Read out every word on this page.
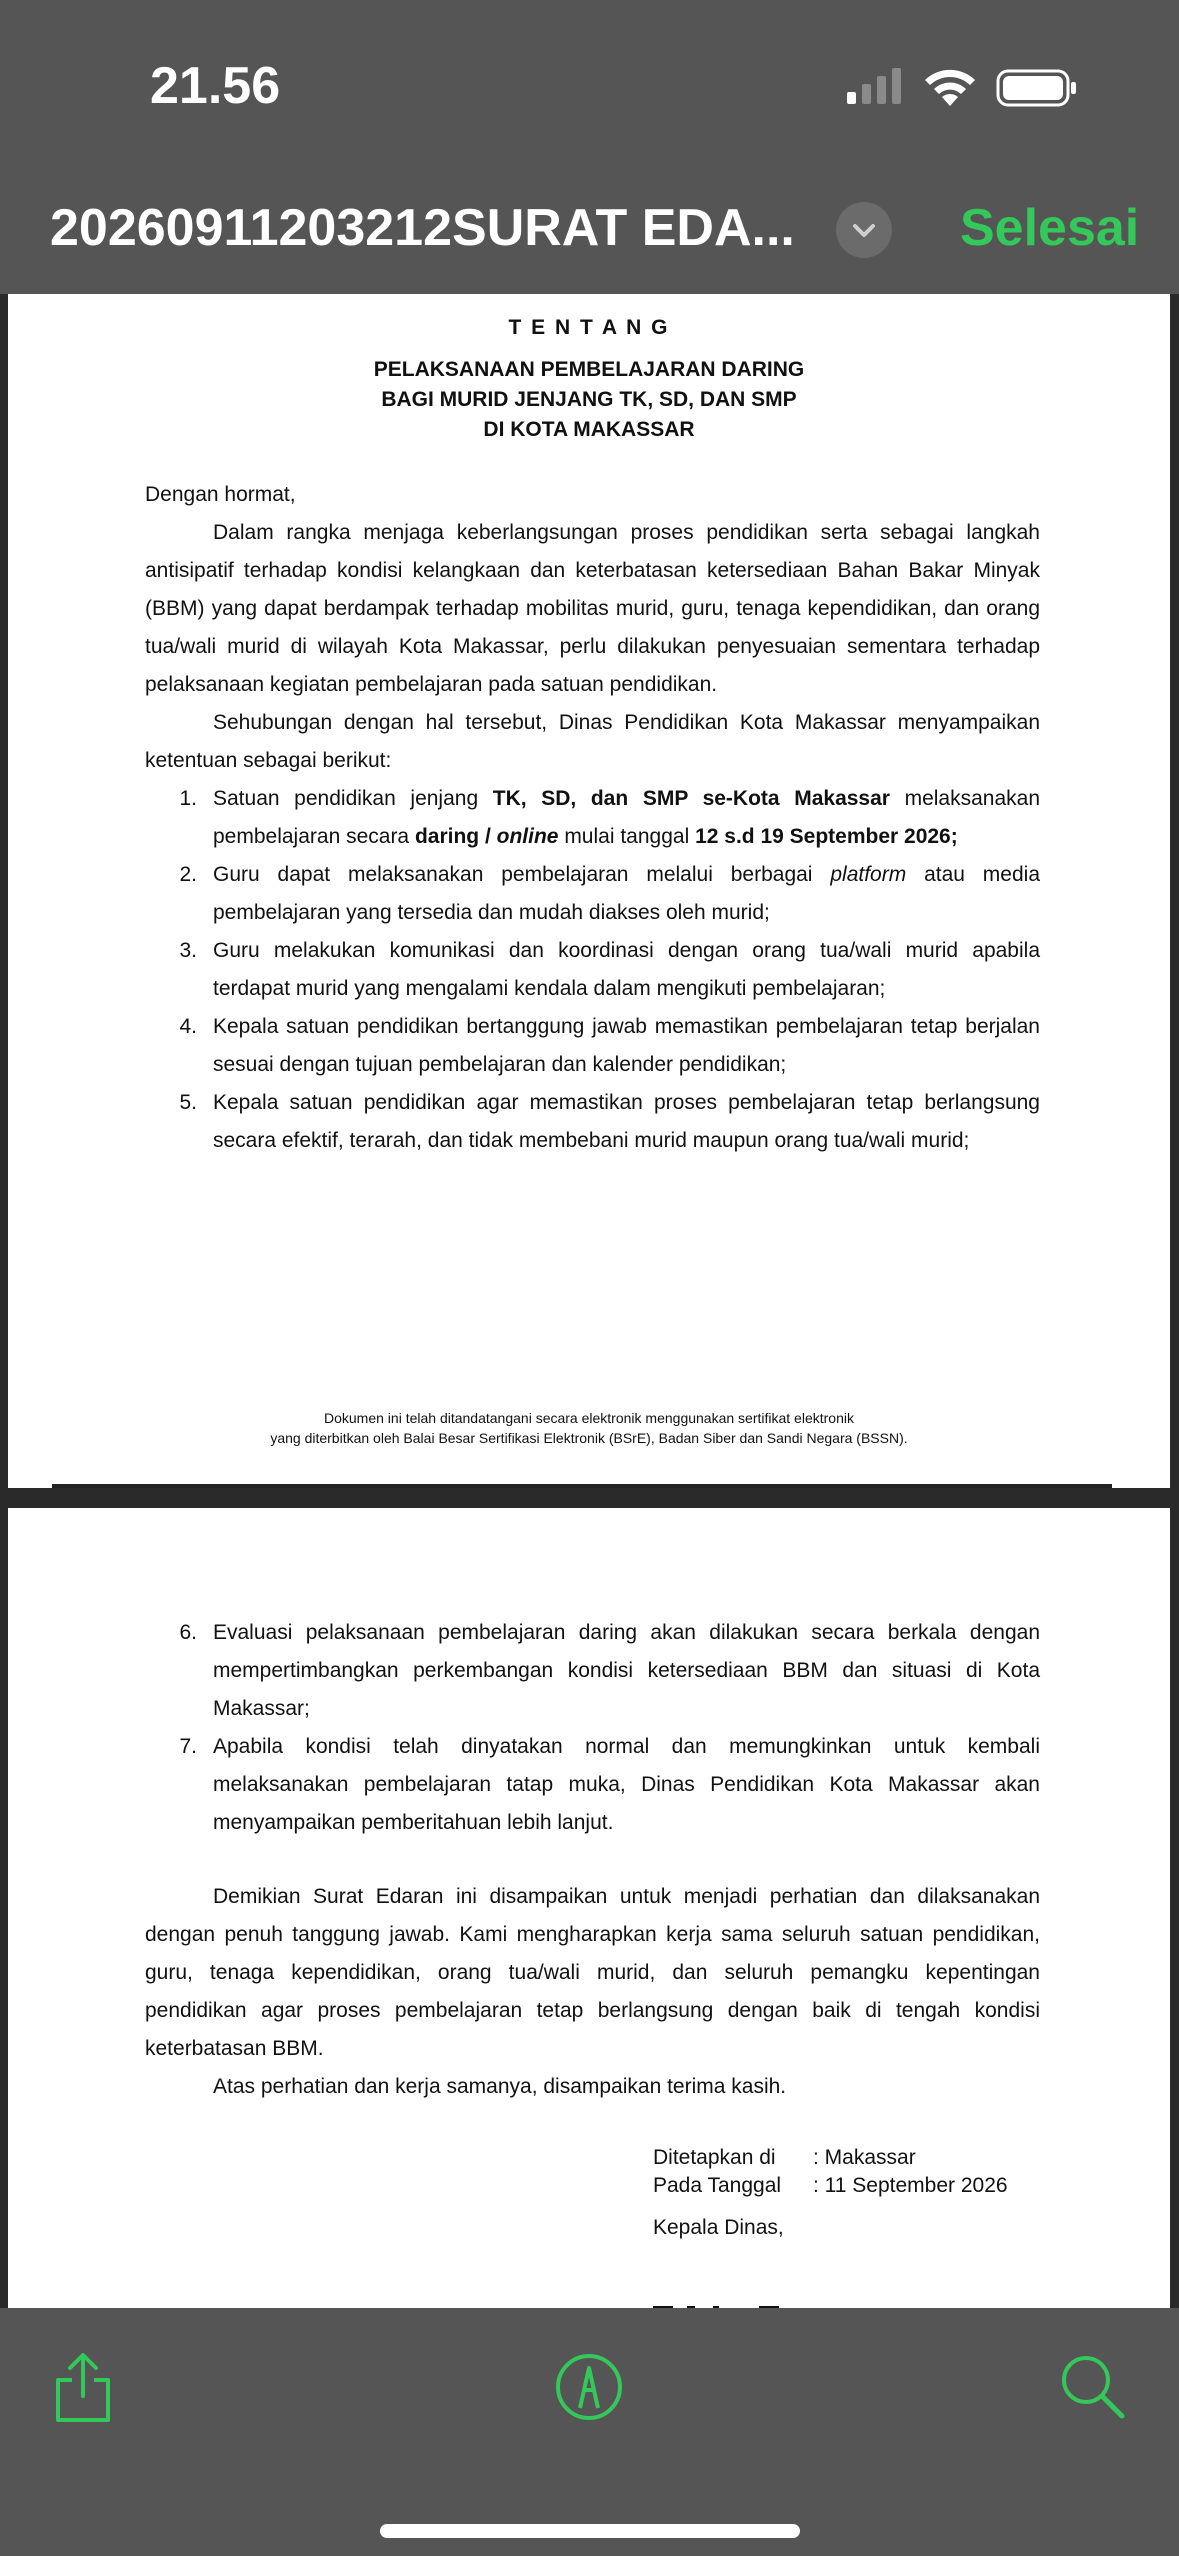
21.56
20260911203212SURAT EDA...	Selesai
T E N T A N G
PELAKSANAAN PEMBELAJARAN DARING
BAGI MURID JENJANG TK, SD, DAN SMP
DI KOTA MAKASSAR
Dengan hormat,
Dalam rangka menjaga keberlangsungan proses pendidikan serta sebagai langkah antisipatif terhadap kondisi kelangkaan dan keterbatasan ketersediaan Bahan Bakar Minyak (BBM) yang dapat berdampak terhadap mobilitas murid, guru, tenaga kependidikan, dan orang tua/wali murid di wilayah Kota Makassar, perlu dilakukan penyesuaian sementara terhadap pelaksanaan kegiatan pembelajaran pada satuan pendidikan.
Sehubungan dengan hal tersebut, Dinas Pendidikan Kota Makassar menyampaikan ketentuan sebagai berikut:
1. Satuan pendidikan jenjang TK, SD, dan SMP se-Kota Makassar melaksanakan pembelajaran secara daring / online mulai tanggal 12 s.d 19 September 2026;
2. Guru dapat melaksanakan pembelajaran melalui berbagai platform atau media pembelajaran yang tersedia dan mudah diakses oleh murid;
3. Guru melakukan komunikasi dan koordinasi dengan orang tua/wali murid apabila terdapat murid yang mengalami kendala dalam mengikuti pembelajaran;
4. Kepala satuan pendidikan bertanggung jawab memastikan pembelajaran tetap berjalan sesuai dengan tujuan pembelajaran dan kalender pendidikan;
5. Kepala satuan pendidikan agar memastikan proses pembelajaran tetap berlangsung secara efektif, terarah, dan tidak membebani murid maupun orang tua/wali murid;
Dokumen ini telah ditandatangani secara elektronik menggunakan sertifikat elektronik
yang diterbitkan oleh Balai Besar Sertifikasi Elektronik (BSrE), Badan Siber dan Sandi Negara (BSSN).
6. Evaluasi pelaksanaan pembelajaran daring akan dilakukan secara berkala dengan mempertimbangkan perkembangan kondisi ketersediaan BBM dan situasi di Kota Makassar;
7. Apabila kondisi telah dinyatakan normal dan memungkinkan untuk kembali melaksanakan pembelajaran tatap muka, Dinas Pendidikan Kota Makassar akan menyampaikan pemberitahuan lebih lanjut.
Demikian Surat Edaran ini disampaikan untuk menjadi perhatian dan dilaksanakan dengan penuh tanggung jawab. Kami mengharapkan kerja sama seluruh satuan pendidikan, guru, tenaga kependidikan, orang tua/wali murid, dan seluruh pemangku kepentingan pendidikan agar proses pembelajaran tetap berlangsung dengan baik di tengah kondisi keterbatasan BBM.
Atas perhatian dan kerja samanya, disampaikan terima kasih.
Ditetapkan di	: Makassar
Pada Tanggal	: 11 September 2026
Kepala Dinas,
